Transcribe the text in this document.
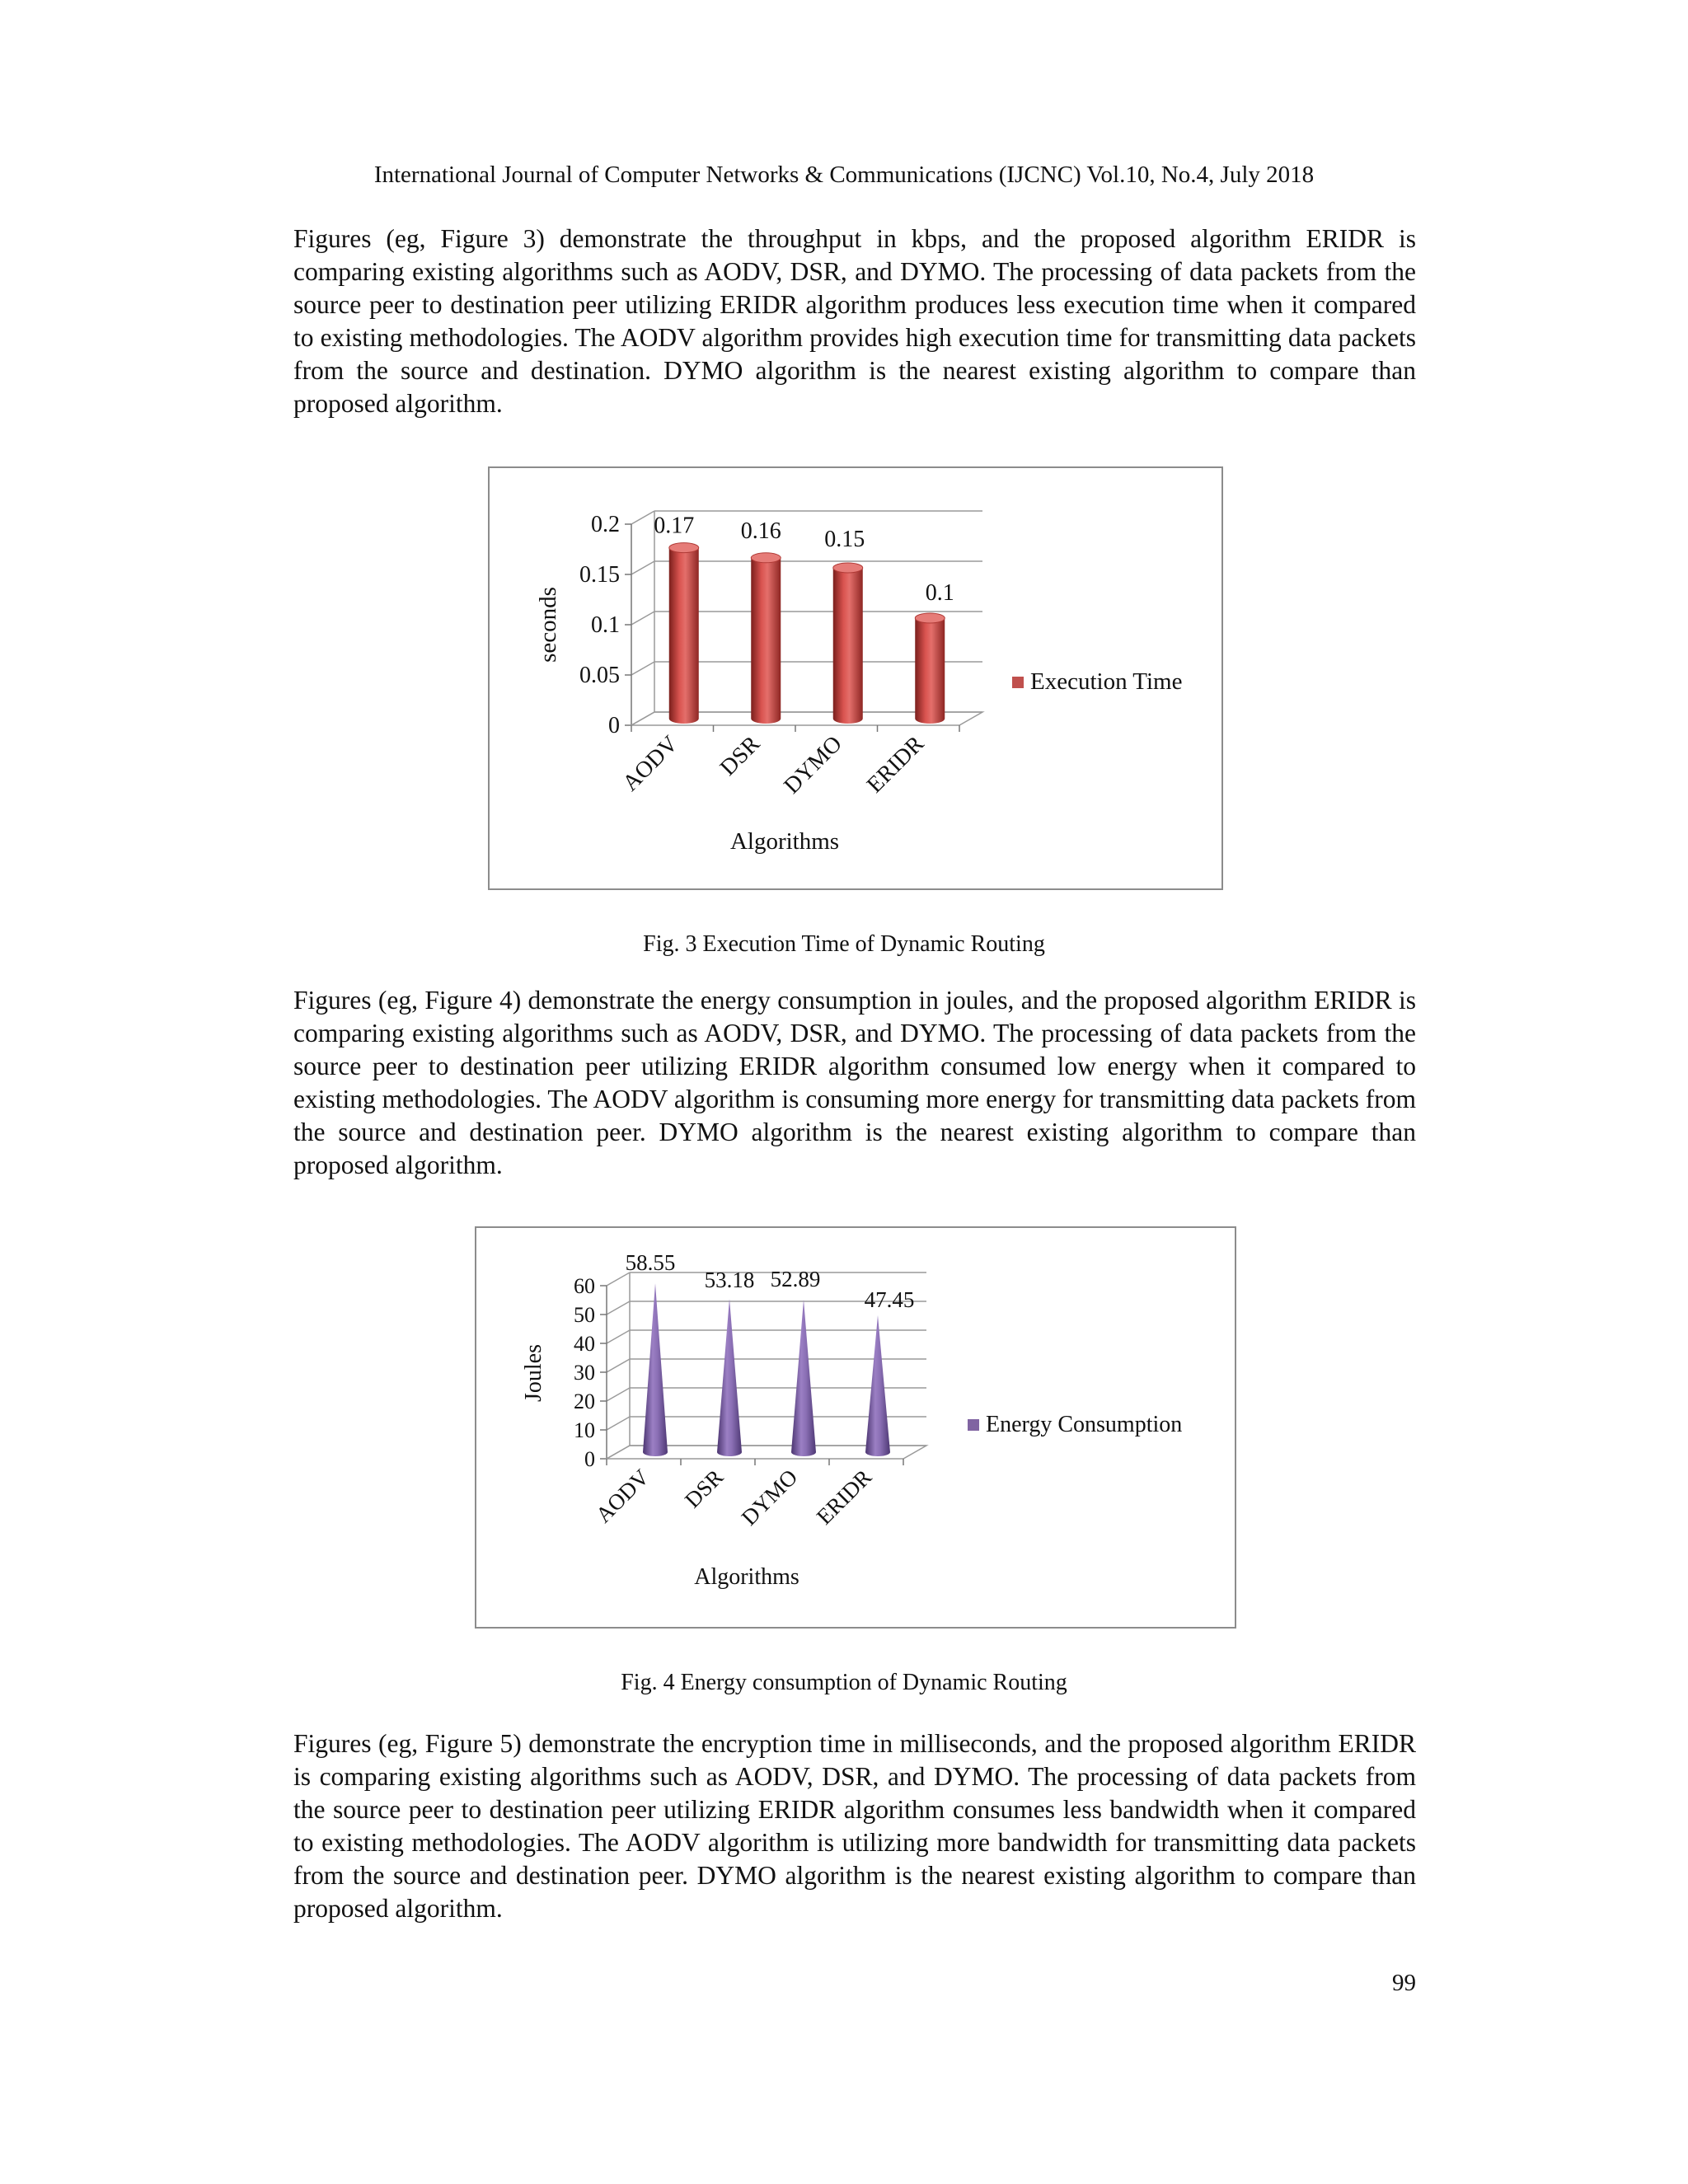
International Journal of Computer Networks & Communications (IJCNC) Vol.10, No.4, July 2018

Figures (eg, Figure 3) demonstrate the throughput in kbps, and the proposed algorithm ERIDR is comparing existing algorithms such as AODV, DSR, and DYMO. The processing of data packets from the source peer to destination peer utilizing ERIDR algorithm produces less execution time when it compared to existing methodologies. The AODV algorithm provides high execution time for transmitting data packets from the source and destination. DYMO algorithm is the nearest existing algorithm to compare than proposed algorithm.

0
0.05
0.1
0.15
0.2 0.17
AODV
0.16
DSR
0.15
DYMO
0.1
ERIDR
Algorithms
seconds
Execution Time
Fig. 3 Execution Time of Dynamic Routing

Figures (eg, Figure 4) demonstrate the energy consumption in joules, and the proposed algorithm ERIDR is comparing existing algorithms such as AODV, DSR, and DYMO. The processing of data packets from the source peer to destination peer utilizing ERIDR algorithm consumed low energy when it compared to existing methodologies. The AODV algorithm is consuming more energy for transmitting data packets from the source and destination peer. DYMO algorithm is the nearest existing algorithm to compare than proposed algorithm.

0
10
20
30
40
50
60
58.55
AODV
53.18
DSR
52.89
DYMO
47.45
ERIDR
Algorithms
Joules
Energy Consumption
Fig. 4 Energy consumption of Dynamic Routing

Figures (eg, Figure 5) demonstrate the encryption time in milliseconds, and the proposed algorithm ERIDR is comparing existing algorithms such as AODV, DSR, and DYMO. The processing of data packets from the source peer to destination peer utilizing ERIDR algorithm consumes less bandwidth when it compared to existing methodologies. The AODV algorithm is utilizing more bandwidth for transmitting data packets from the source and destination peer. DYMO algorithm is the nearest existing algorithm to compare than proposed algorithm.

99
